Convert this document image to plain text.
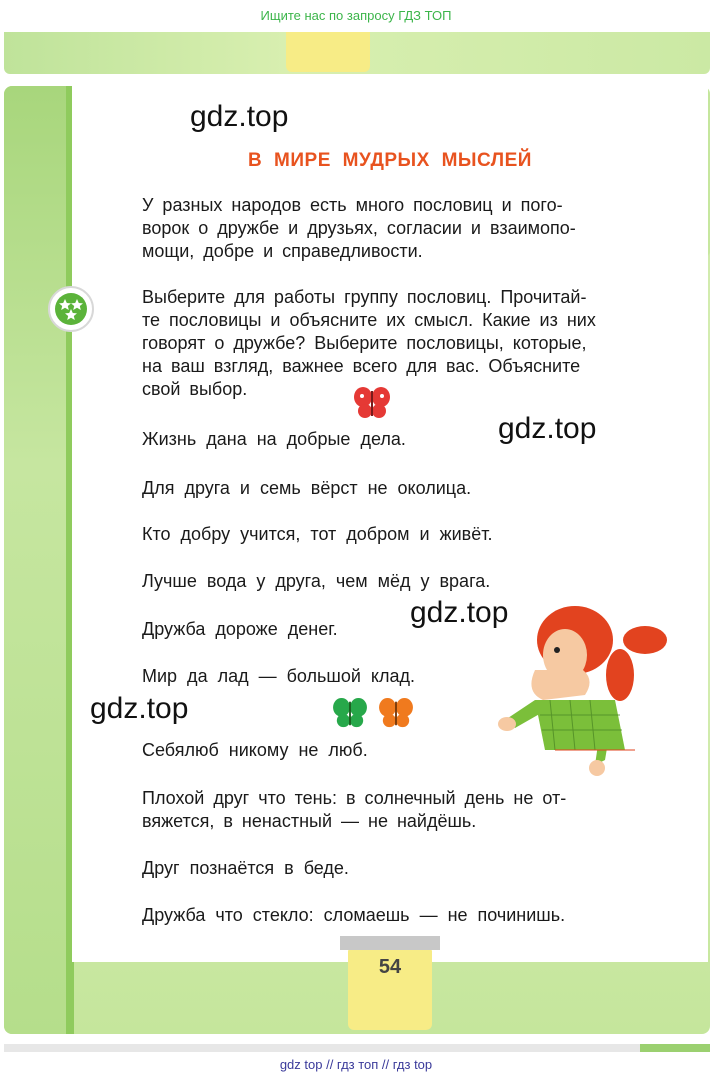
Ищите нас по запросу ГДЗ ТОП
gdz.top
В МИРЕ МУДРЫХ МЫСЛЕЙ
У разных народов есть много пословиц и пого-
ворок о дружбе и друзьях, согласии и взаимопо-
мощи, добре и справедливости.
Выберите для работы группу пословиц. Прочитай-
те пословицы и объясните их смысл. Какие из них
говорят о дружбе? Выберите пословицы, которые,
на ваш взгляд, важнее всего для вас. Объясните
свой выбор.
Жизнь дана на добрые дела.	gdz.top
Для друга и семь вёрст не околица.
Кто добру учится, тот добром и живёт.
Лучше вода у друга, чем мёд у врага.
Дружба дороже денег.	gdz.top
Мир да лад — большой клад.
gdz.top
Себялюб никому не люб.
Плохой друг что тень: в солнечный день не от-
вяжется, в ненастный — не найдёшь.
Друг познаётся в беде.
Дружба что стекло: сломаешь — не починишь.
54
gdz top // гдз топ // гдз top
